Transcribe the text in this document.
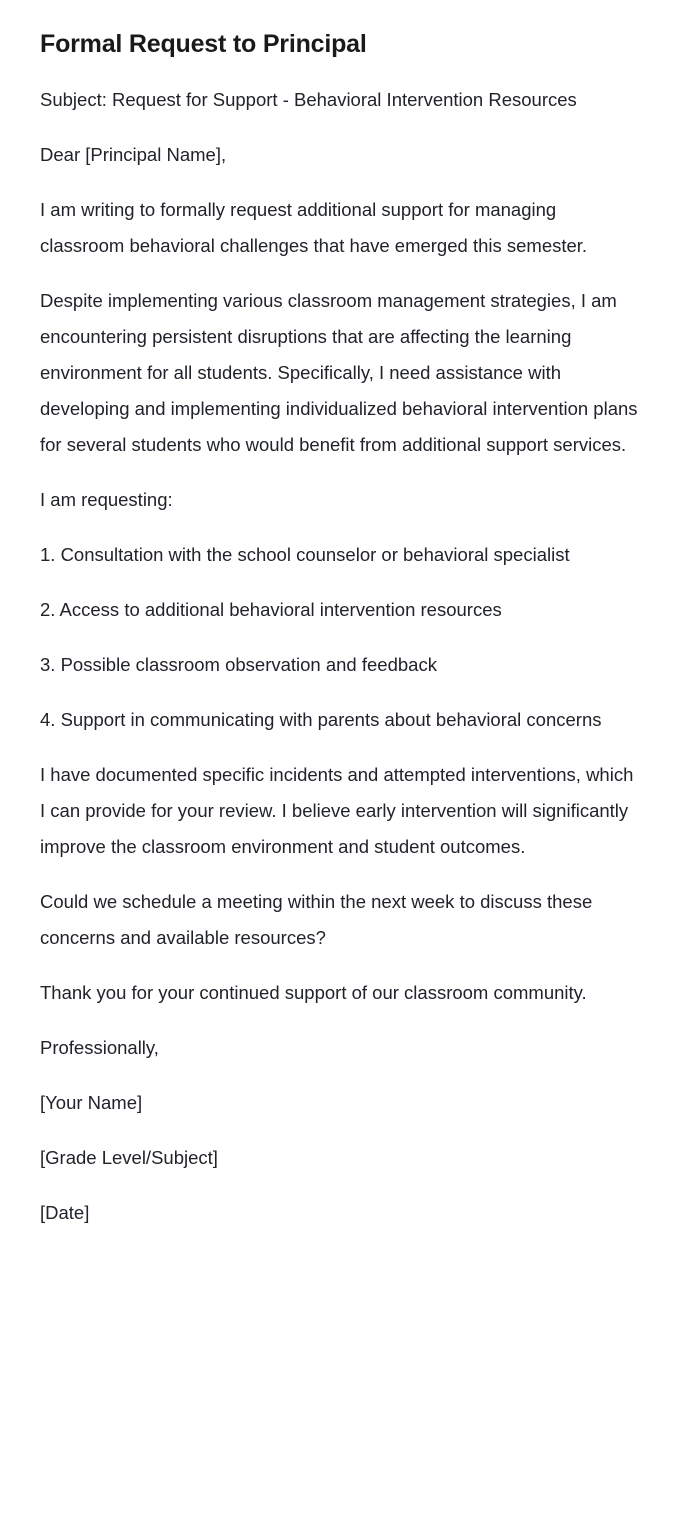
Formal Request to Principal

Subject: Request for Support - Behavioral Intervention Resources

Dear [Principal Name],

I am writing to formally request additional support for managing classroom behavioral challenges that have emerged this semester.

Despite implementing various classroom management strategies, I am encountering persistent disruptions that are affecting the learning environment for all students. Specifically, I need assistance with developing and implementing individualized behavioral intervention plans for several students who would benefit from additional support services.

I am requesting:

1. Consultation with the school counselor or behavioral specialist

2. Access to additional behavioral intervention resources

3. Possible classroom observation and feedback

4. Support in communicating with parents about behavioral concerns

I have documented specific incidents and attempted interventions, which I can provide for your review. I believe early intervention will significantly improve the classroom environment and student outcomes.

Could we schedule a meeting within the next week to discuss these concerns and available resources?

Thank you for your continued support of our classroom community.

Professionally,

[Your Name]

[Grade Level/Subject]

[Date]
